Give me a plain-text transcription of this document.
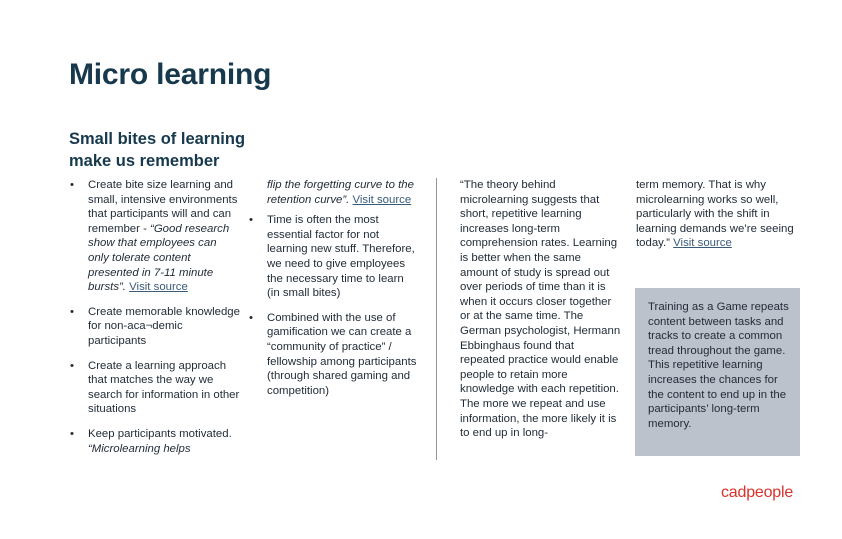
Micro learning
Small bites of learning make us remember
• Create bite size learning and small, intensive environments that participants will and can remember - “Good research show that employees can only tolerate content presented in 7-11 minute bursts”. Visit source
• Create memorable knowledge for non-aca¬demic participants
• Create a learning approach that matches the way we search for information in other situations
• Keep participants motivated. “Microlearning helps

flip the forgetting curve to the retention curve”. Visit source

• Time is often the most essential factor for not learning new stuff. Therefore, we need to give employees the necessary time to learn (in small bites)
• Combined with the use of gamification we can create a “community of practice” / fellowship among participants (through shared gaming and competition)

“The theory behind microlearning suggests that short, repetitive learning increases long-term comprehension rates. Learning is better when the same amount of study is spread out over periods of time than it is when it occurs closer together or at the same time. The German psychologist, Hermann Ebbinghaus found that repeated practice would enable people to retain more knowledge with each repetition. The more we repeat and use information, the more likely it is to end up in long-

term memory. That is why microlearning works so well, particularly with the shift in learning demands we’re seeing today.” Visit source

Training as a Game repeats content between tasks and tracks to create a common tread throughout the game. This repetitive learning increases the chances for the content to end up in the participants’ long-term memory.

cadpeople
